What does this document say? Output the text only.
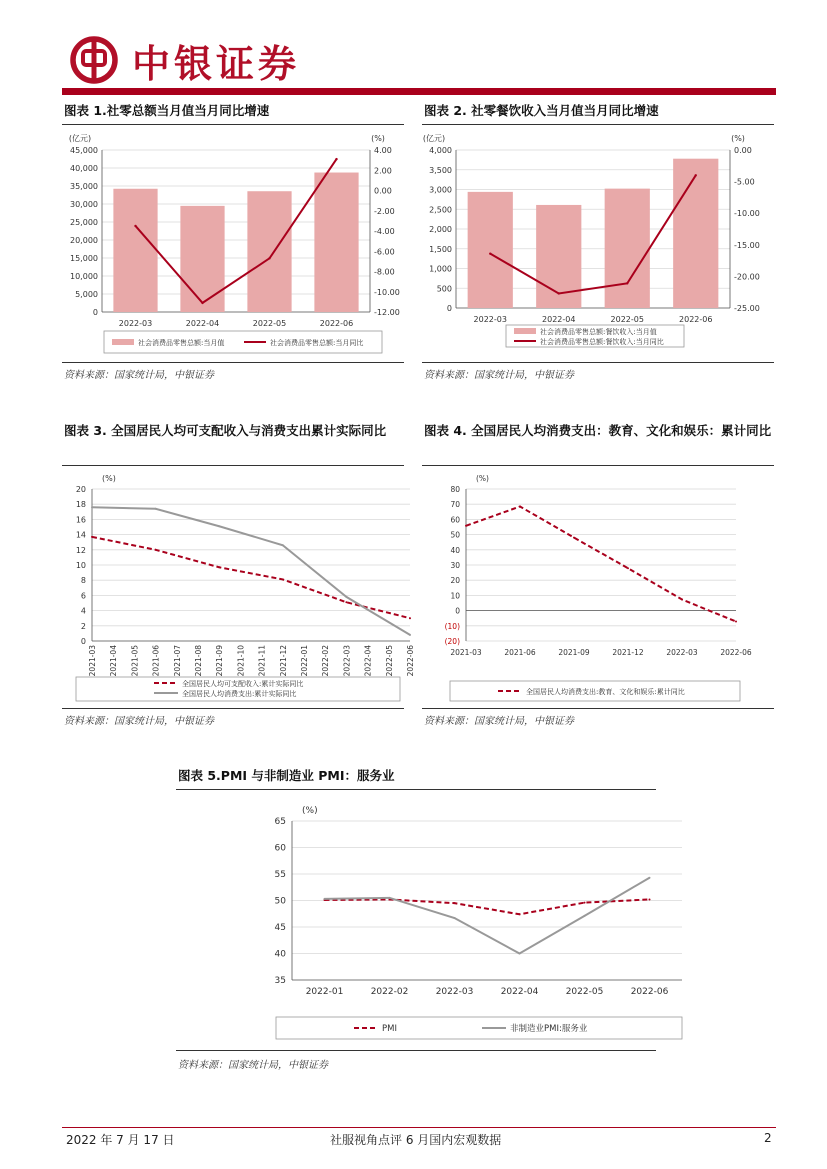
中银证券
图表 1.社零总额当月值当月同比增速
45,000
40,000
35,000
30,000
25,000
20,000
15,000
10,000
5,000
0
4.00
2.00
0.00
-2.00
-4.00
-6.00
-8.00
-10.00
-12.00
(亿元)	(%)
2022-03	2022-04	2022-05	2022-06
社会消费品零售总额:当月值	社会消费品零售总额:当月同比
资料来源：国家统计局，中银证券
图表 2. 社零餐饮收入当月值当月同比增速
4,000
3,500
3,000
2,500
2,000
1,500
1,000
500
0
0.00
-5.00
-10.00
-15.00
-20.00
-25.00
(亿元)	(%)
2022-03	2022-04	2022-05	2022-06
社会消费品零售总额:餐饮收入:当月值
社会消费品零售总额:餐饮收入:当月同比
资料来源：国家统计局，中银证券
图表 3. 全国居民人均可支配收入与消费支出累计实际同比
20
18
16
14
12
10
8
6
4
2
0
(%)
2021-03 2021-04 2021-05 2021-06 2021-07 2021-08 2021-09 2021-10 2021-11 2021-12 2022-01 2022-02 2022-03 2022-04 2022-05 2022-06
全国居民人均可支配收入:累计实际同比
全国居民人均消费支出:累计实际同比
资料来源：国家统计局，中银证券
图表 4. 全国居民人均消费支出：教育、文化和娱乐：累计同比
80
70
60
50
40
30
20
10
0
(10)
(20)
(%)
2021-03	2021-06	2021-09	2021-12	2022-03	2022-06
全国居民人均消费支出:教育、文化和娱乐:累计同比
资料来源：国家统计局，中银证券
图表 5.PMI 与非制造业 PMI：服务业
65
60
55
50
45
40
35
(%)
2022-01	2022-02	2022-03	2022-04	2022-05	2022-06
PMI	非制造业PMI:服务业
资料来源：国家统计局，中银证券
2022 年 7 月 17 日	社服视角点评 6 月国内宏观数据	2
